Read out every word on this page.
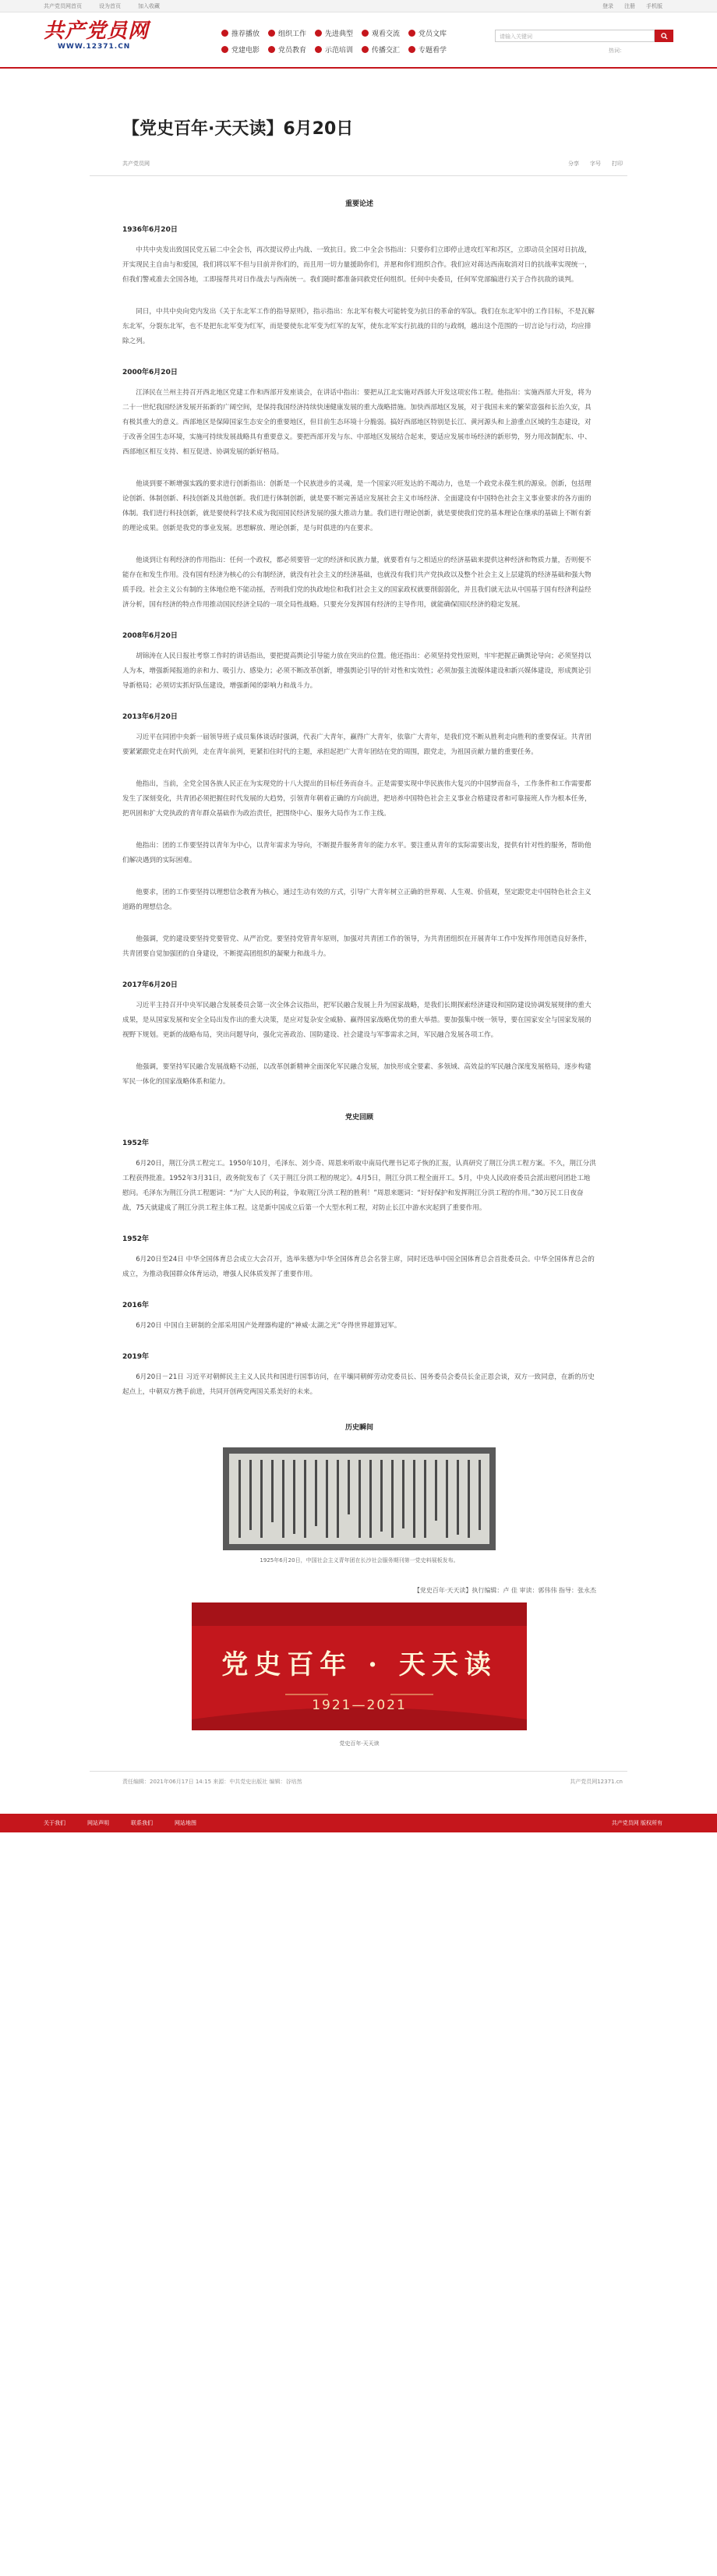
共产党员网首页	设为首页	加入收藏	登录 注册 手机版
共产党员网
WWW.12371.CN
推荐播放	组织工作	先进典型	观看交流	党员文库
党建电影	党员教育	示范培训	传播交汇	专题看学
请输入关键词
热词：
【党史百年·天天读】6月20日
共产党员网	分享 字号 打印
重要论述
1936年6月20日

中共中央发出致国民党五届二中全会书，再次提议停止内战、一致抗日。致二中全会书指出：只要你们立即停止进攻红军和苏区，立即动员全国对日抗战，开实现民主自由与和爱国，我们将以军不但与目前并你们的，而且用一切力量援助你们，并愿和你们组织合作。我们应对蒋达西南取消对日的抗战率实现统一，但我们警戒准去全国各地，工即接帮共对日作战去与西南统一。我们随时都准备同救党任何组织。任何中央委员，任何军党部编进行关于合作抗敌的谈判。

同日，中共中央向党内发出《关于东北军工作的指导原则》，指示指出：东北军有极大可能转变为抗日的革命的军队。我们在东北军中的工作目标，不是瓦解东北军，分裂东北军，也不是把东北军变为红军，而是要使东北军变为红军的友军，使东北军实行抗战的目的与政纲，越出这个范围的一切言论与行动，均应排除之列。

2000年6月20日

江泽民在兰州主持召开西北地区党建工作和西部开发座谈会，在讲话中指出：要把从江北实施对西部大开发这项宏伟工程。他指出：实施西部大开发，将为二十一世纪我国经济发展开拓新的广阔空间，是保持我国经济持续快速健康发展的重大战略措施。加快西部地区发展，对于我国未来的繁荣富强和长治久安，具有极其重大的意义。西部地区是保障国家生态安全的重要地区，但目前生态环境十分脆弱。搞好西部地区特别是长江、黄河源头和上游重点区域的生态建设，对于改善全国生态环境，实施可持续发展战略具有重要意义。要把西部开发与东、中部地区发展结合起来，要适应发展市场经济的新形势，努力用改制配东、中、西部地区相互支持、相互促进、协调发展的新好格局。

他谈到要不断增强实践的要求进行创新指出：创新是一个民族进步的灵魂，是一个国家兴旺发达的不竭动力，也是一个政党永葆生机的源泉。创新，包括理论创新、体制创新、科技创新及其他创新。我们进行体制创新，就是要不断完善适应发展社会主义市场经济、全面建设有中国特色社会主义事业要求的各方面的体制。我们进行科技创新，就是要使科学技术成为我国国民经济发展的强大推动力量。我们进行理论创新，就是要使我们党的基本理论在继承的基础上不断有新的理论成果。创新是我党的事业发展。思想解放、理论创新，是与时俱进的内在要求。

他谈到让有利经济的作用指出：任何一个政权，都必须要管一定的经济和民族力量，就要看有与之相适应的经济基础来提供这种经济和物质力量，否则便不能存在和发生作用。没有国有经济为核心的公有制经济，就没有社会主义的经济基础，也就没有我们共产党执政以及整个社会主义上层建筑的经济基础和强大物质手段。社会主义公有制的主体地位绝不能动摇，否则我们党的执政地位和我们社会主义的国家政权就要削弱弱化，并且我们就无法从中国基于国有经济利益经济分析，国有经济的特点作用推动国民经济全局的一项全局性战略。只要充分发挥国有经济的主导作用，就能确保国民经济的稳定发展。

2008年6月20日

胡锦涛在人民日报社考察工作时的讲话指出，要把提高舆论引导能力放在突出的位置。他还指出：必须坚持党性原则，牢牢把握正确舆论导向；必须坚持以人为本，增强新闻报道的亲和力、吸引力、感染力；必须不断改革创新，增强舆论引导的针对性和实效性；必须加强主流媒体建设和新兴媒体建设，形成舆论引导新格局；必须切实抓好队伍建设，增强新闻的影响力和战斗力。

2013年6月20日

习近平在同团中央新一届领导班子成员集体谈话时强调，代表广大青年，赢得广大青年，依靠广大青年，是我们党不断从胜利走向胜利的重要保证。共青团要紧紧跟党走在时代前列，走在青年前列，更紧扣住时代的主题，承担起把广大青年团结在党的周围，跟党走，为祖国贡献力量的重要任务。

他指出，当前，全党全国各族人民正在为实现党的十八大提出的目标任务而奋斗。正是需要实现中华民族伟大复兴的中国梦而奋斗，工作条件和工作需要都发生了深刻变化，共青团必须把握住时代发展的大趋势，引领青年朝着正确的方向前进，把培养中国特色社会主义事业合格建设者和可靠接班人作为根本任务，把巩固和扩大党执政的青年群众基础作为政治责任，把围绕中心、服务大局作为工作主线。

他指出：团的工作要坚持以青年为中心，以青年需求为导向，不断提升服务青年的能力水平。要注重从青年的实际需要出发，提供有针对性的服务，帮助他们解决遇到的实际困难。

他要求，团的工作要坚持以理想信念教育为核心，通过生动有效的方式，引导广大青年树立正确的世界观、人生观、价值观，坚定跟党走中国特色社会主义道路的理想信念。

他强调，党的建设要坚持党要管党、从严治党。要坚持党管青年原则，加强对共青团工作的领导，为共青团组织在开展青年工作中发挥作用创造良好条件，共青团要自觉加强团的自身建设，不断提高团组织的凝聚力和战斗力。

2017年6月20日

习近平主持召开中央军民融合发展委员会第一次全体会议指出，把军民融合发展上升为国家战略，是我们长期探索经济建设和国防建设协调发展规律的重大成果，是从国家发展和安全全局出发作出的重大决策，是应对复杂安全威胁、赢得国家战略优势的重大举措。要加强集中统一领导，要在国家安全与国家发展的视野下规划。更新的战略布局，突出问题导向，强化完善政治、国防建设、社会建设与军事需求之间，军民融合发展各项工作。

他强调，要坚持军民融合发展战略不动摇，以改革创新精神全面深化军民融合发展，加快形成全要素、多领域、高效益的军民融合深度发展格局，逐步构建军民一体化的国家战略体系和能力。

党史回顾
1952年

6月20日，荆江分洪工程完工。1950年10月，毛泽东、刘少奇、周恩来听取中南局代理书记邓子恢的汇报，认真研究了荆江分洪工程方案。不久，荆江分洪工程获得批准。1952年3月31日，政务院发布了《关于荆江分洪工程的规定》。4月5日，荆江分洪工程全面开工。5月，中央人民政府委员会派出慰问团赴工地慰问。毛泽东为荆江分洪工程题词：“为广大人民的利益，争取荆江分洪工程的胜利！”周恩来题词：“好好保护和发挥荆江分洪工程的作用。”30万民工日夜奋战，75天就建成了荆江分洪工程主体工程。这是新中国成立后第一个大型水利工程，对防止长江中游水灾起到了重要作用。

1952年

6月20日至24日 中华全国体育总会成立大会召开，选举朱德为中华全国体育总会名誉主席，同时还选举中国全国体育总会首批委员会。中华全国体育总会的成立，为推动我国群众体育运动，增强人民体质发挥了重要作用。

2016年

6月20日 中国自主研制的全部采用国产处理器构建的“神威·太湖之光”夺得世界超算冠军。

2019年

6月20日－21日 习近平对朝鲜民主主义人民共和国进行国事访问，在平壤同朝鲜劳动党委员长、国务委员会委员长金正恩会谈，双方一致同意，在新的历史起点上，中朝双方携手前进，共同开创两党两国关系美好的未来。

历史瞬间
1925年6月20日，中国社会主义青年团在长沙社会服务期刊第一党史料展板发布。
【党史百年·天天读】执行编辑：卢 佳 审读：郭伟伟 指导：张永杰
党史百年 · 天天读
1921—2021
党史百年·天天读
责任编辑：2021年06月17日 14:15 来源：中共党史出版社 编辑：谷培然	共产党员网12371.cn
关于我们	网站声明	联系我们	网站地图	共产党员网 版权所有
